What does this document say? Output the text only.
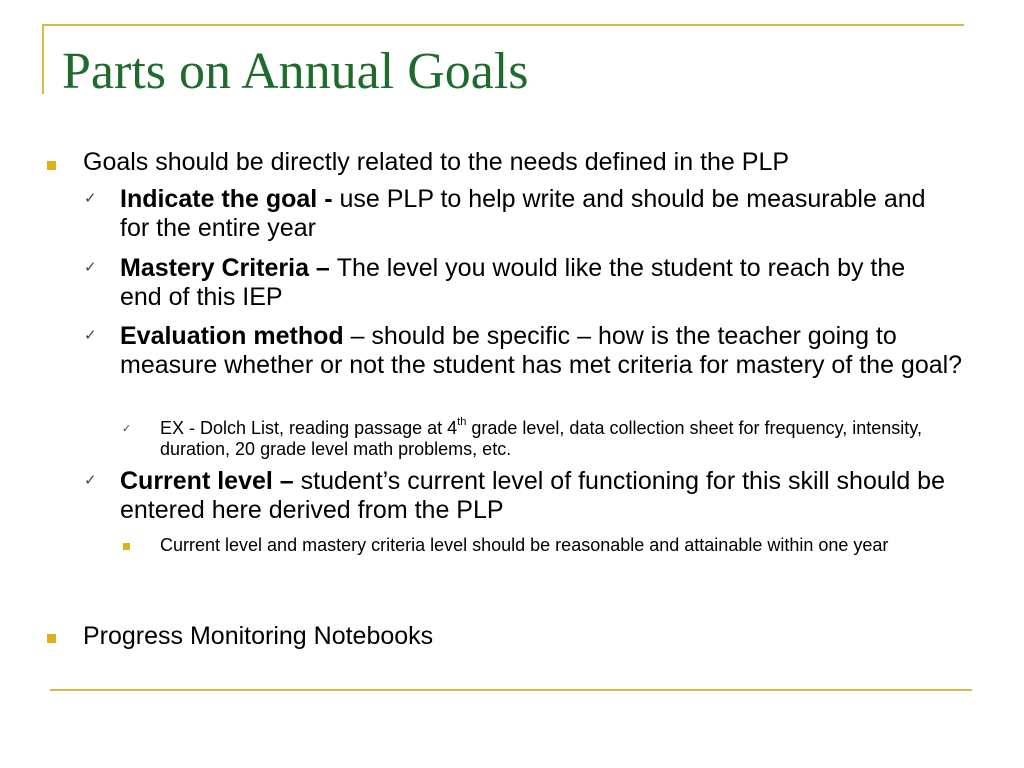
Parts on Annual Goals
Goals should be directly related to the needs defined in the PLP
✓ Indicate the goal - use PLP to help write and should be measurable and for the entire year
✓ Mastery Criteria – The level you would like the student to reach by the end of this IEP
✓ Evaluation method – should be specific – how is the teacher going to measure whether or not the student has met criteria for mastery of the goal?
✓ EX - Dolch List, reading passage at 4th grade level, data collection sheet for frequency, intensity, duration, 20 grade level math problems, etc.
✓ Current level – student’s current level of functioning for this skill should be entered here derived from the PLP
Current level and mastery criteria level should be reasonable and attainable within one year
Progress Monitoring Notebooks
